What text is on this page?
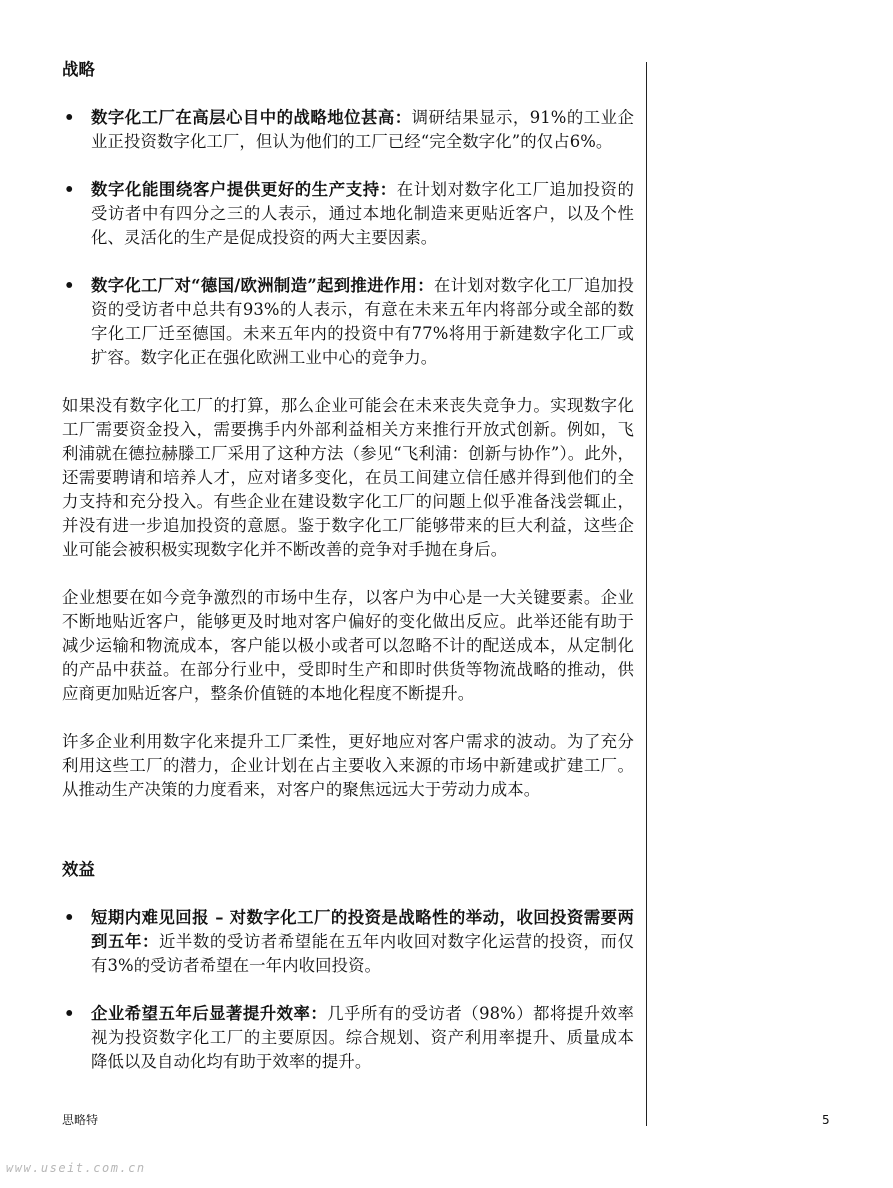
战略
• 数字化工厂在高层心目中的战略地位甚高：调研结果显示，91%的工业企业正投资数字化工厂，但认为他们的工厂已经“完全数字化”的仅占6%。
• 数字化能围绕客户提供更好的生产支持：在计划对数字化工厂追加投资的受访者中有四分之三的人表示，通过本地化制造来更贴近客户，以及个性化、灵活化的生产是促成投资的两大主要因素。
• 数字化工厂对“德国/欧洲制造”起到推进作用：在计划对数字化工厂追加投资的受访者中总共有93%的人表示，有意在未来五年内将部分或全部的数字化工厂迁至德国。未来五年内的投资中有77%将用于新建数字化工厂或扩容。数字化正在强化欧洲工业中心的竞争力。

如果没有数字化工厂的打算，那么企业可能会在未来丧失竞争力。实现数字化工厂需要资金投入，需要携手内外部利益相关方来推行开放式创新。例如，飞利浦就在德拉赫滕工厂采用了这种方法（参见“飞利浦：创新与协作”）。此外，还需要聘请和培养人才，应对诸多变化，在员工间建立信任感并得到他们的全力支持和充分投入。有些企业在建设数字化工厂的问题上似乎准备浅尝辄止，并没有进一步追加投资的意愿。鉴于数字化工厂能够带来的巨大利益，这些企业可能会被积极实现数字化并不断改善的竞争对手抛在身后。

企业想要在如今竞争激烈的市场中生存，以客户为中心是一大关键要素。企业不断地贴近客户，能够更及时地对客户偏好的变化做出反应。此举还能有助于减少运输和物流成本，客户能以极小或者可以忽略不计的配送成本，从定制化的产品中获益。在部分行业中，受即时生产和即时供货等物流战略的推动，供应商更加贴近客户，整条价值链的本地化程度不断提升。

许多企业利用数字化来提升工厂柔性，更好地应对客户需求的波动。为了充分利用这些工厂的潜力，企业计划在占主要收入来源的市场中新建或扩建工厂。从推动生产决策的力度看来，对客户的聚焦远远大于劳动力成本。

效益
• 短期内难见回报 – 对数字化工厂的投资是战略性的举动，收回投资需要两到五年：近半数的受访者希望能在五年内收回对数字化运营的投资，而仅有3%的受访者希望在一年内收回投资。
• 企业希望五年后显著提升效率：几乎所有的受访者（98%）都将提升效率视为投资数字化工厂的主要原因。综合规划、资产利用率提升、质量成本降低以及自动化均有助于效率的提升。
思略特	5
www.useit.com.cn
